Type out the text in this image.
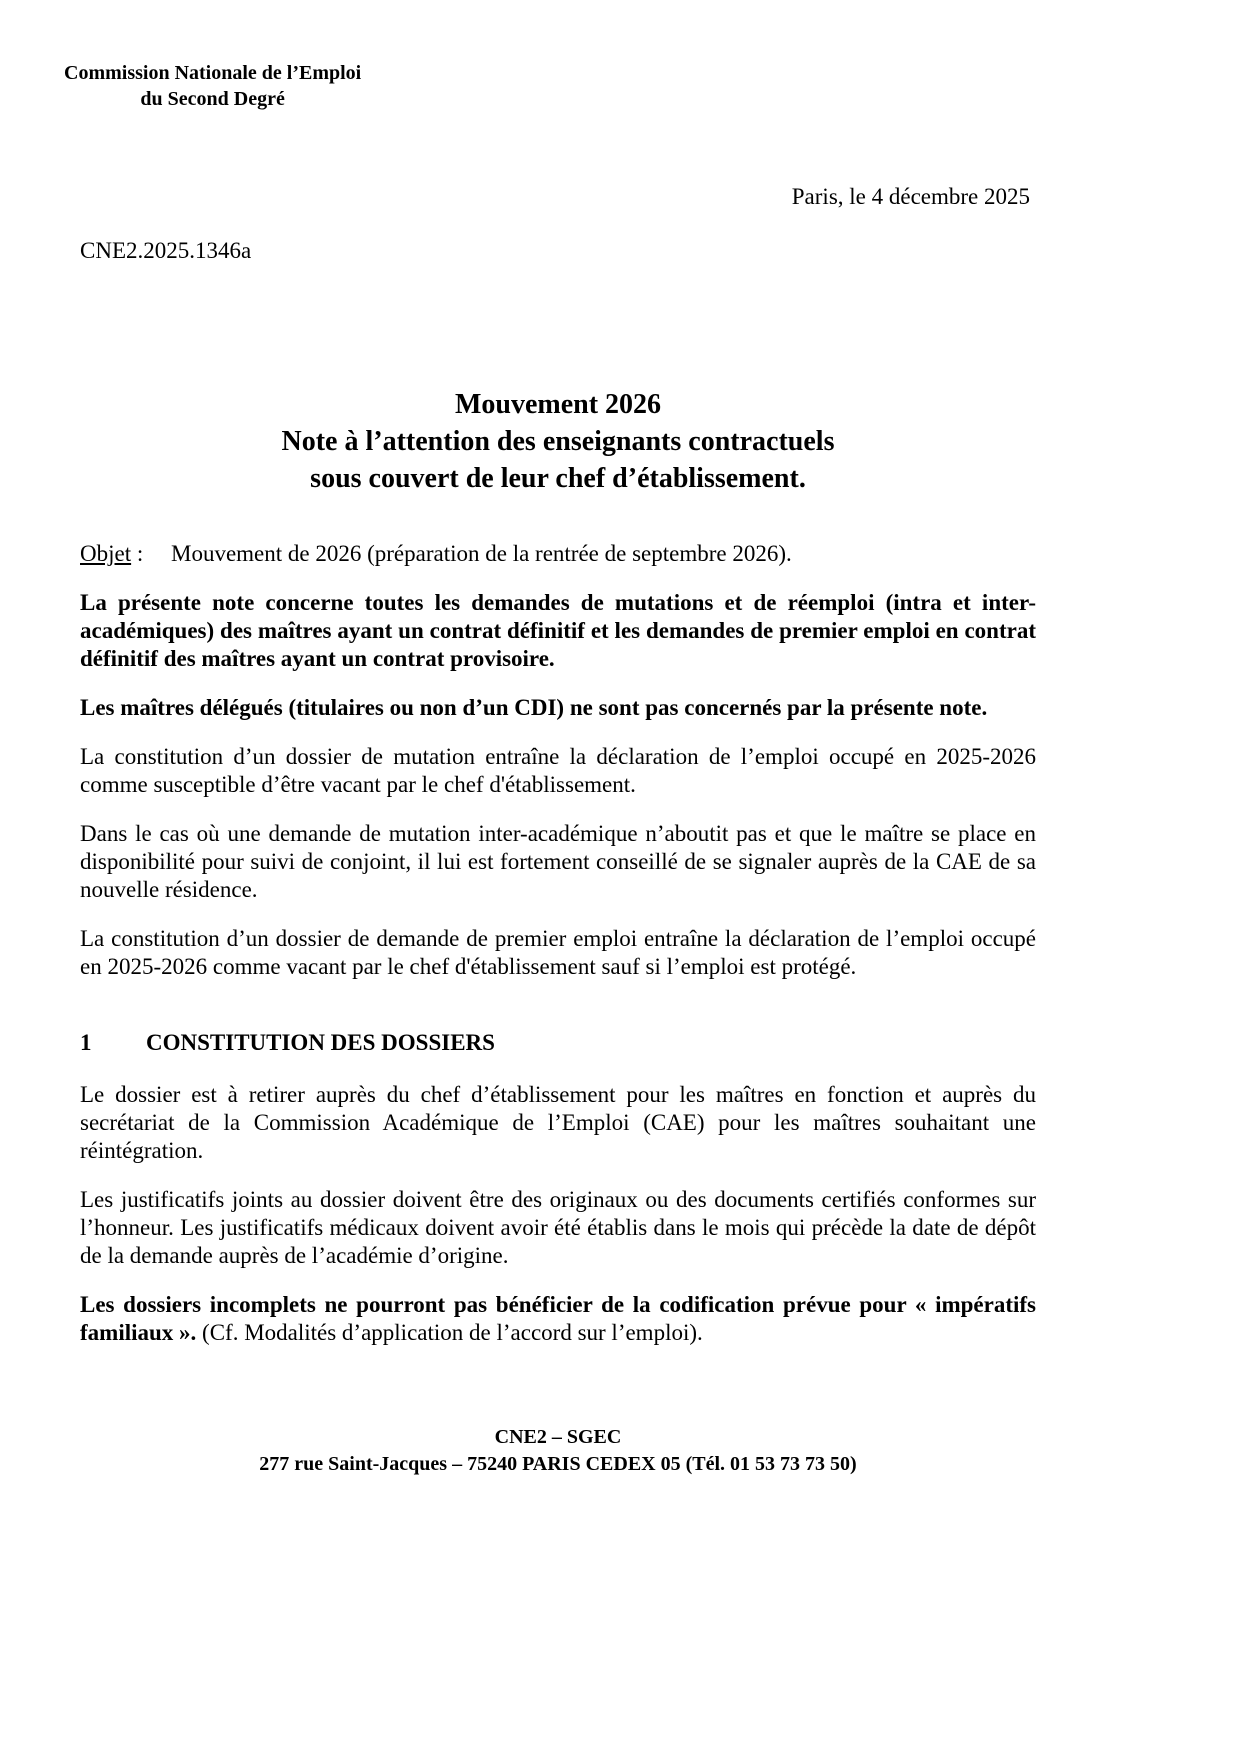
Commission Nationale de l’Emploi
du Second Degré
Paris, le 4 décembre 2025
CNE2.2025.1346a
Mouvement 2026
Note à l’attention des enseignants contractuels
sous couvert de leur chef d’établissement.

Objet : Mouvement de 2026 (préparation de la rentrée de septembre 2026).

La présente note concerne toutes les demandes de mutations et de réemploi (intra et inter-académiques) des maîtres ayant un contrat définitif et les demandes de premier emploi en contrat définitif des maîtres ayant un contrat provisoire.

Les maîtres délégués (titulaires ou non d’un CDI) ne sont pas concernés par la présente note.

La constitution d’un dossier de mutation entraîne la déclaration de l’emploi occupé en 2025-2026 comme susceptible d’être vacant par le chef d'établissement.

Dans le cas où une demande de mutation inter-académique n’aboutit pas et que le maître se place en disponibilité pour suivi de conjoint, il lui est fortement conseillé de se signaler auprès de la CAE de sa nouvelle résidence.

La constitution d’un dossier de demande de premier emploi entraîne la déclaration de l’emploi occupé en 2025-2026 comme vacant par le chef d'établissement sauf si l’emploi est protégé.

1 CONSTITUTION DES DOSSIERS

Le dossier est à retirer auprès du chef d’établissement pour les maîtres en fonction et auprès du secrétariat de la Commission Académique de l’Emploi (CAE) pour les maîtres souhaitant une réintégration.

Les justificatifs joints au dossier doivent être des originaux ou des documents certifiés conformes sur l’honneur. Les justificatifs médicaux doivent avoir été établis dans le mois qui précède la date de dépôt de la demande auprès de l’académie d’origine.

Les dossiers incomplets ne pourront pas bénéficier de la codification prévue pour « impératifs familiaux ». (Cf. Modalités d’application de l’accord sur l’emploi).

CNE2 – SGEC
277 rue Saint-Jacques – 75240 PARIS CEDEX 05 (Tél. 01 53 73 73 50)
